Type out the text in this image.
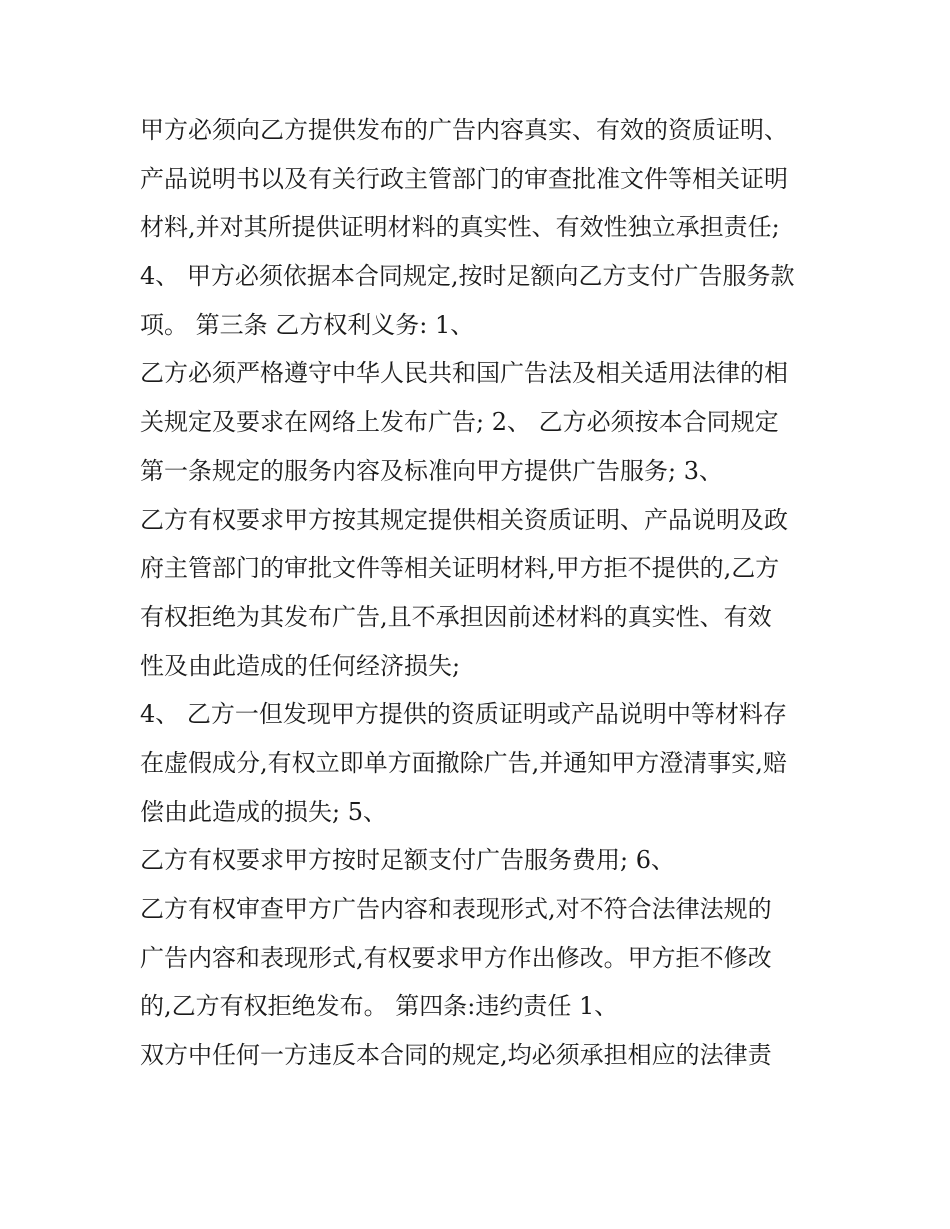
甲方必须向乙方提供发布的广告内容真实、有效的资质证明、
产品说明书以及有关行政主管部门的审查批准文件等相关证明
材料,并对其所提供证明材料的真实性、有效性独立承担责任;
4、 甲方必须依据本合同规定,按时足额向乙方支付广告服务款
项。 第三条 乙方权利义务: 1、
乙方必须严格遵守中华人民共和国广告法及相关适用法律的相
关规定及要求在网络上发布广告; 2、 乙方必须按本合同规定
第一条规定的服务内容及标准向甲方提供广告服务; 3、
乙方有权要求甲方按其规定提供相关资质证明、产品说明及政
府主管部门的审批文件等相关证明材料,甲方拒不提供的,乙方
有权拒绝为其发布广告,且不承担因前述材料的真实性、有效
性及由此造成的任何经济损失;
4、 乙方一但发现甲方提供的资质证明或产品说明中等材料存
在虚假成分,有权立即单方面撤除广告,并通知甲方澄清事实,赔
偿由此造成的损失; 5、
乙方有权要求甲方按时足额支付广告服务费用; 6、
乙方有权审查甲方广告内容和表现形式,对不符合法律法规的
广告内容和表现形式,有权要求甲方作出修改。甲方拒不修改
的,乙方有权拒绝发布。 第四条:违约责任 1、
双方中任何一方违反本合同的规定,均必须承担相应的法律责
